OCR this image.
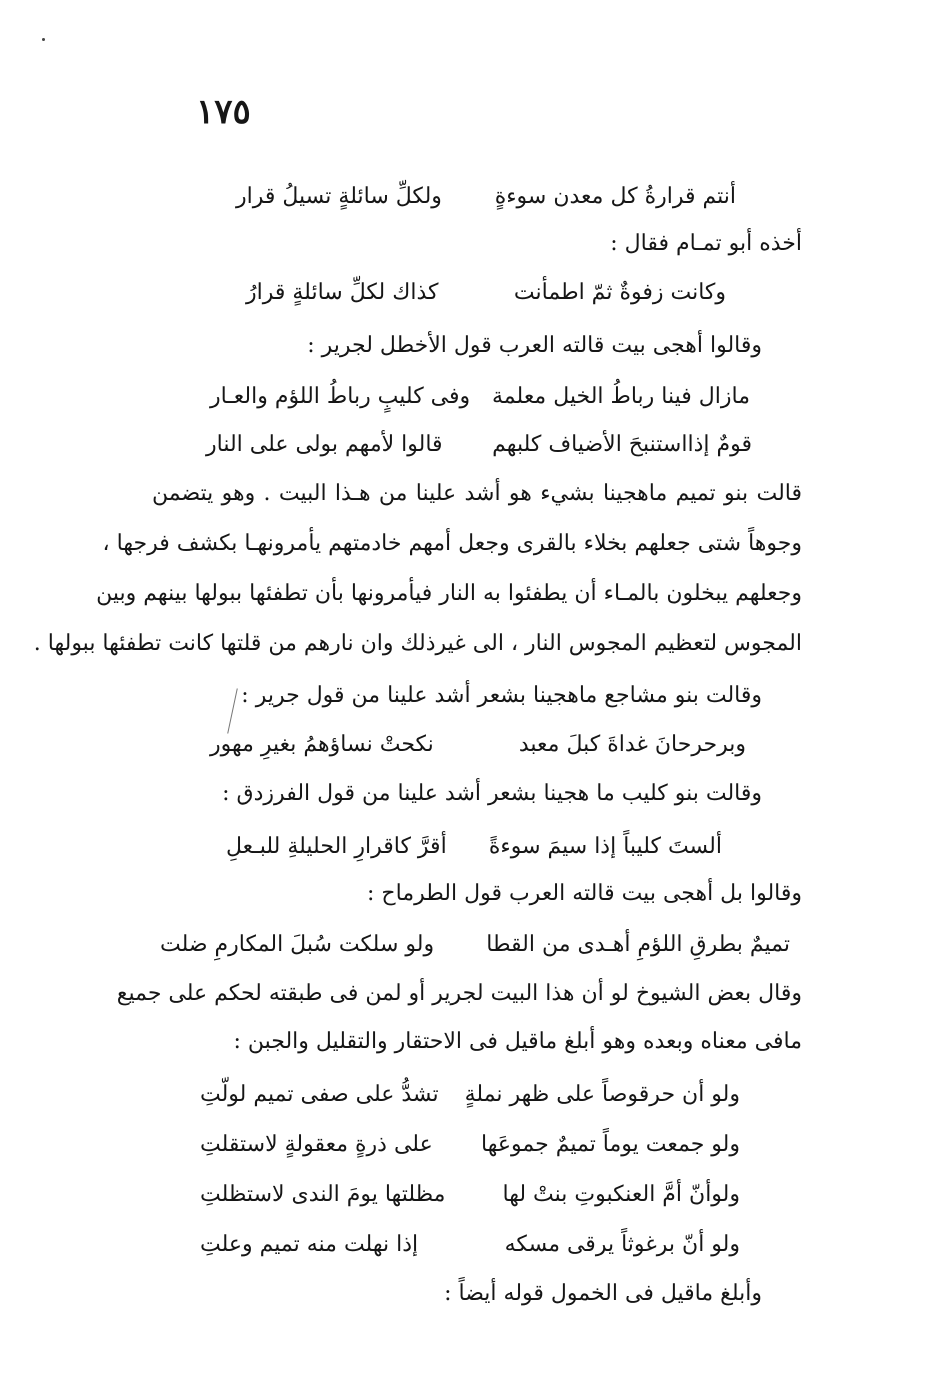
١٧٥
أنتم قرارةُ كل معدن سوءةٍ
ولكلِّ سائلةٍ تسيلُ قرار
أخذه أبو تمـام فقال :
وكانت زفوةٌ ثمّ اطمأنت
كذاك لكلِّ سائلةٍ قرارُ
وقالوا أهجى بيت قالته العرب قول الأخطل لجرير :
مازال فينا رباطُ الخيل معلمة
وفى كليبٍ رباطُ اللؤم والعـار
قومٌ إذااستنبحَ الأضياف كلبهم
قالوا لأمهم بولى على النار
قالت بنو تميم ماهجينا بشيء هو أشد علينا من هـذا البيت . وهو يتضمن
وجوهاً شتى جعلهم بخلاء بالقرى وجعل أمهم خادمتهم يأمرونهـا بكشف فرجها ،
وجعلهم يبخلون بالمـاء أن يطفئوا به النار فيأمرونها بأن تطفئها ببولها بينهم وبين
المجوس لتعظيم المجوس النار ، الى غيرذلك وان نارهم من قلتها كانت تطفئها ببولها .
وقالت بنو مشاجع ماهجينا بشعر أشد علينا من قول جرير :
وبرحرحانَ غداةَ كبلَ معبد
نكحتْ نساؤهمُ بغيرِ مهور
وقالت بنو كليب ما هجينا بشعر أشد علينا من قول الفرزدق :
ألستَ كليباً إذا سيمَ سوءةً
أقرَّ كاقرارِ الحليلةِ للبـعلِ
وقالوا بل أهجى بيت قالته العرب قول الطرماح :
تميمٌ بطرقِ اللؤمِ أهـدى من القطا
ولو سلكت سُبلَ المكارمِ ضلت
وقال بعض الشيوخ لو أن هذا البيت لجرير أو لمن فى طبقته لحكم على جميع
مافى معناه وبعده وهو أبلغ ماقيل فى الاحتقار والتقليل والجبن :
ولو أن حرقوصاً على ظهر نملةٍ
تشدُّ على صفى تميم لولّتِ
ولو جمعت يوماً تميمٌ جموعَها
على ذرةٍ معقولةٍ لاستقلتِ
ولوأنّ أمَّ العنكبوتِ بنتْ لها
مظلتها يومَ الندى لاستظلتِ
ولو أنّ برغوثاً يرقى مسكه
إذا نهلت منه تميم وعلتِ
وأبلغ ماقيل فى الخمول قوله أيضاً :
